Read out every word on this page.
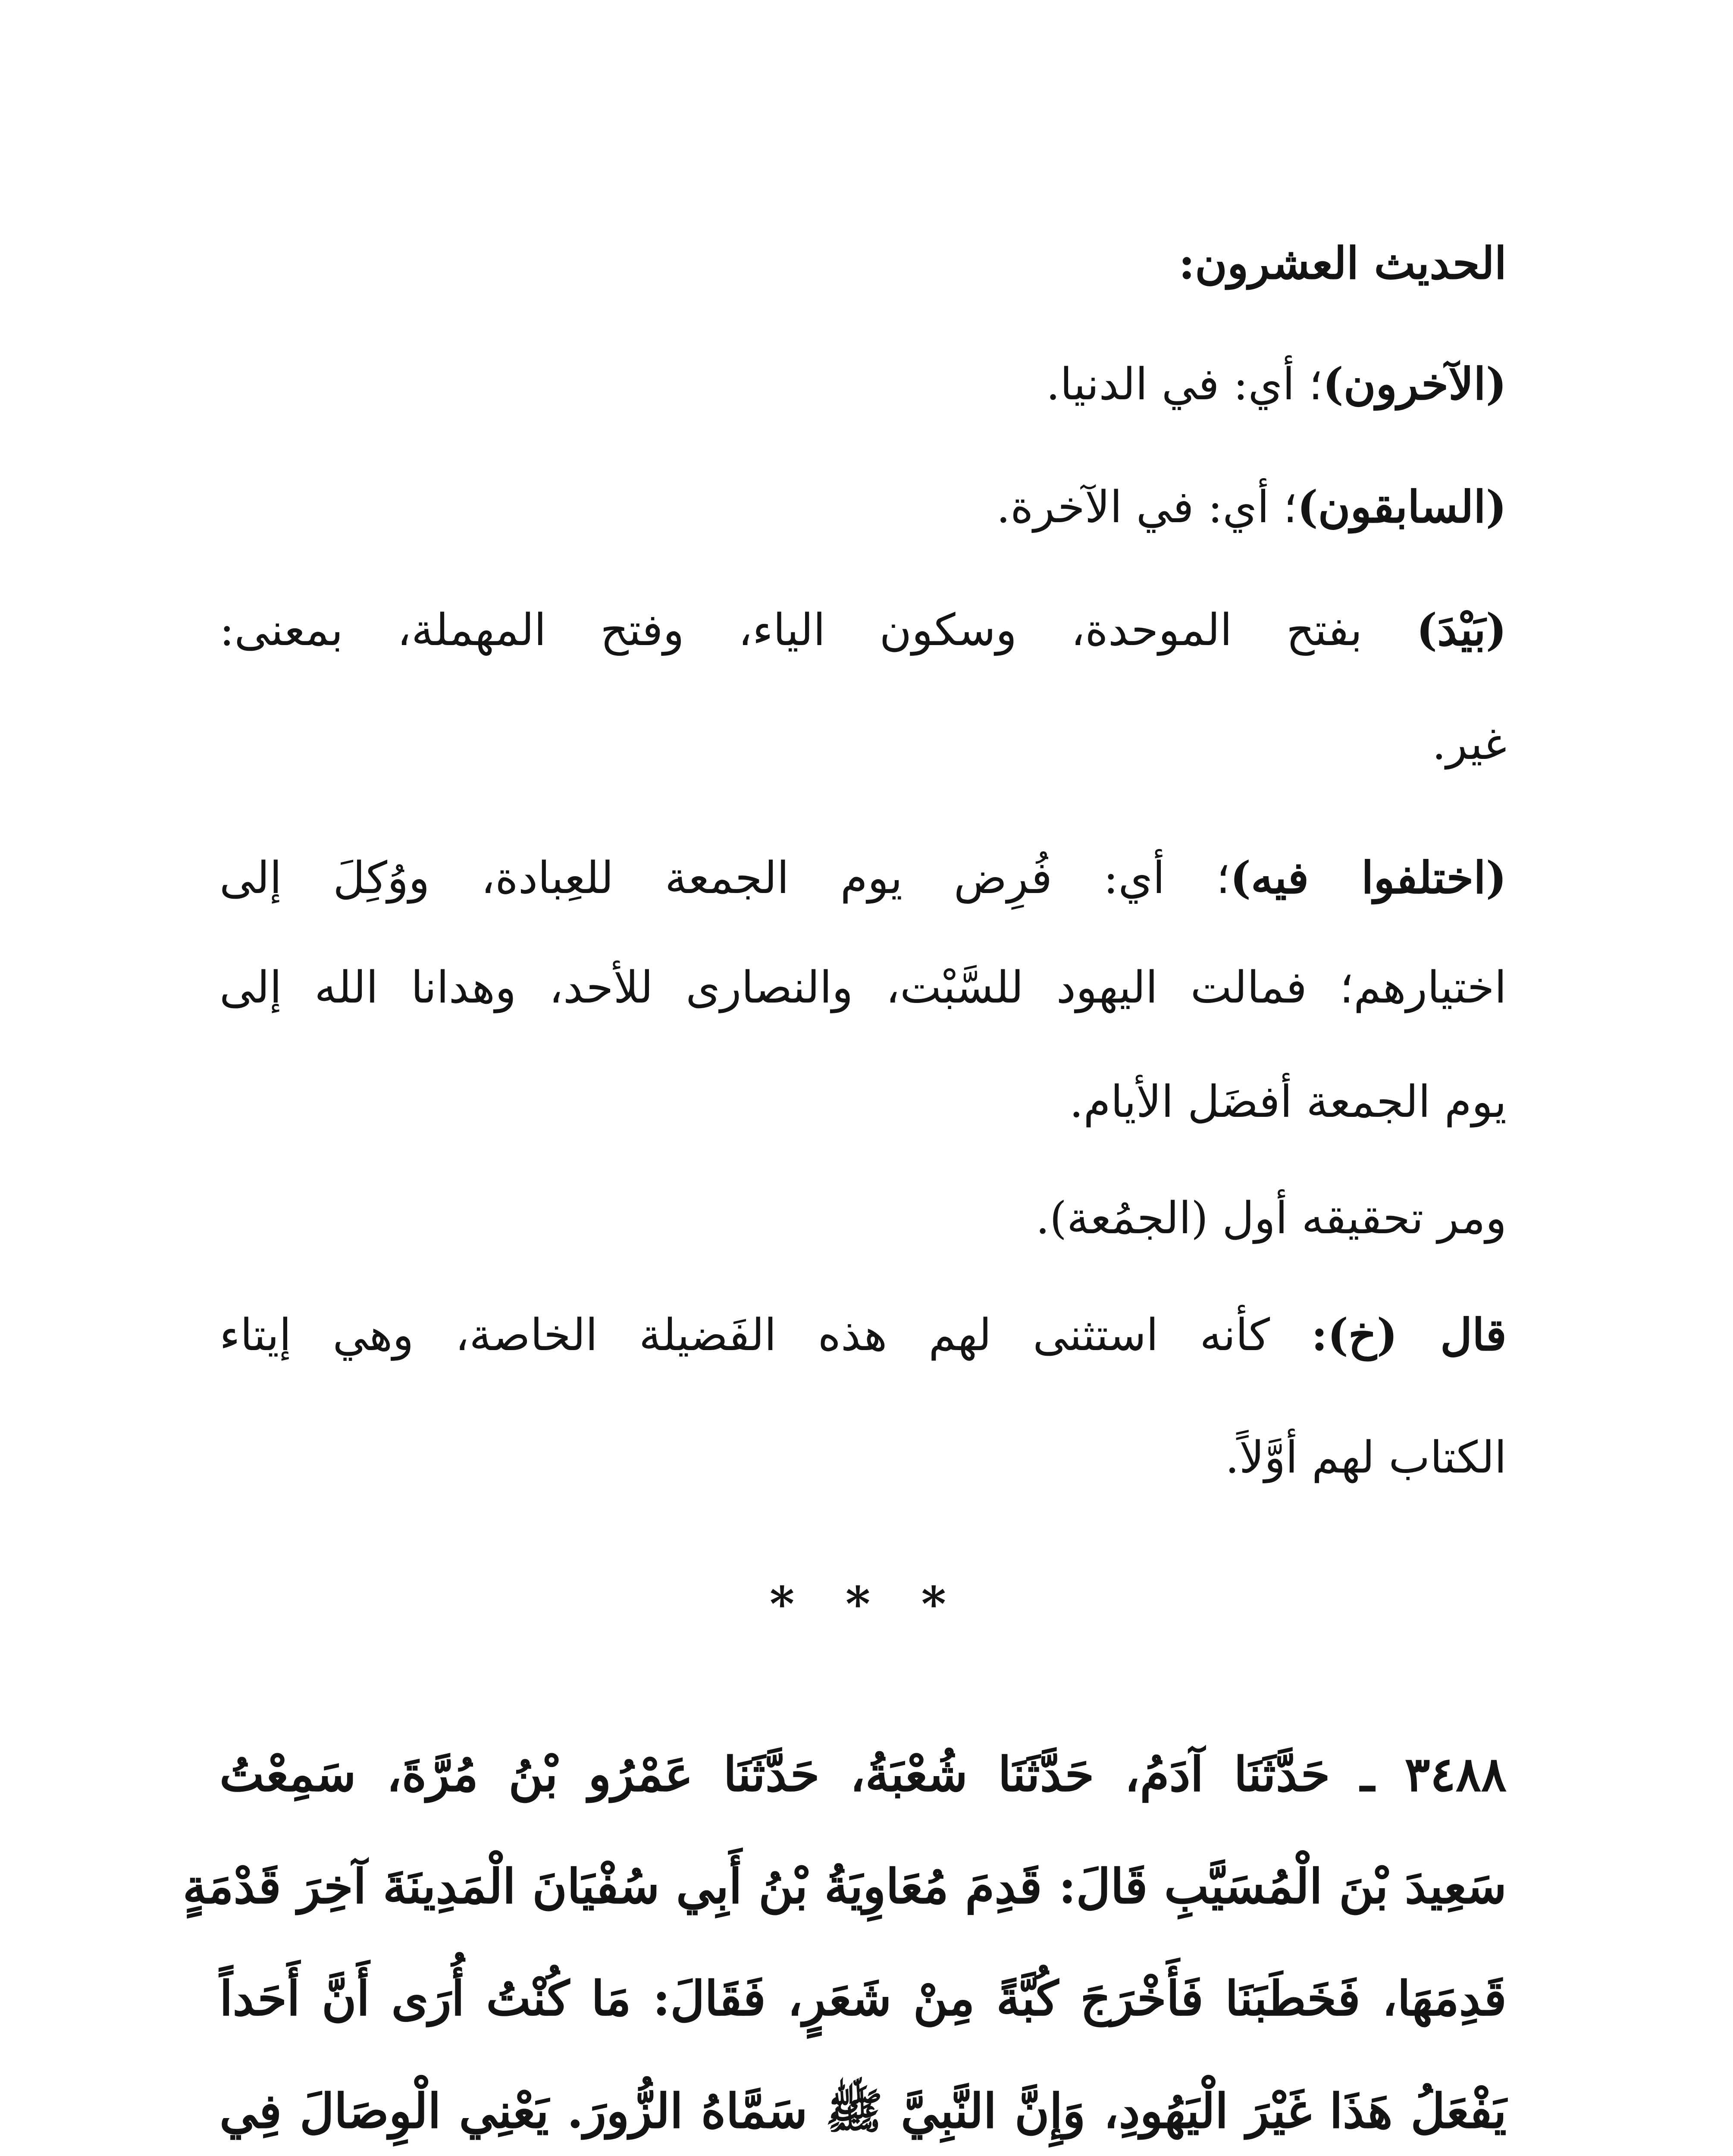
الحديث العشرون:
(الآخرون)؛ أي: في الدنيا.
(السابقون)؛ أي: في الآخرة.
(بَيْدَ) بفتح الموحدة، وسكون الياء، وفتح المهملة، بمعنى:
غير.
(اختلفوا فيه)؛ أي: فُرِض يوم الجمعة للعِبادة، ووُكِلَ إلى
اختيارهم؛ فمالت اليهود للسَّبْت، والنصارى للأحد، وهدانا الله إلى
يوم الجمعة أفضَل الأيام.
ومر تحقيقه أول (الجمُعة).
قال (خ): كأنه استثنى لهم هذه الفَضيلة الخاصة، وهي إيتاء
الكتاب لهم أوَّلاً.
* * *
٣٤٨٨ ـ حَدَّثَنَا آدَمُ، حَدَّثَنَا شُعْبَةُ، حَدَّثَنَا عَمْرُو بْنُ مُرَّةَ، سَمِعْتُ
سَعِيدَ بْنَ الْمُسَيَّبِ قَالَ: قَدِمَ مُعَاوِيَةُ بْنُ أَبِي سُفْيَانَ الْمَدِينَةَ آخِرَ قَدْمَةٍ
قَدِمَهَا، فَخَطَبَنَا فَأَخْرَجَ كُبَّةً مِنْ شَعَرٍ، فَقَالَ: مَا كُنْتُ أُرَى أَنَّ أَحَداً
يَفْعَلُ هَذَا غَيْرَ الْيَهُودِ، وَإِنَّ النَّبِيَّ ﷺ سَمَّاهُ الزُّورَ. يَعْنِي الْوِصَالَ فِي
